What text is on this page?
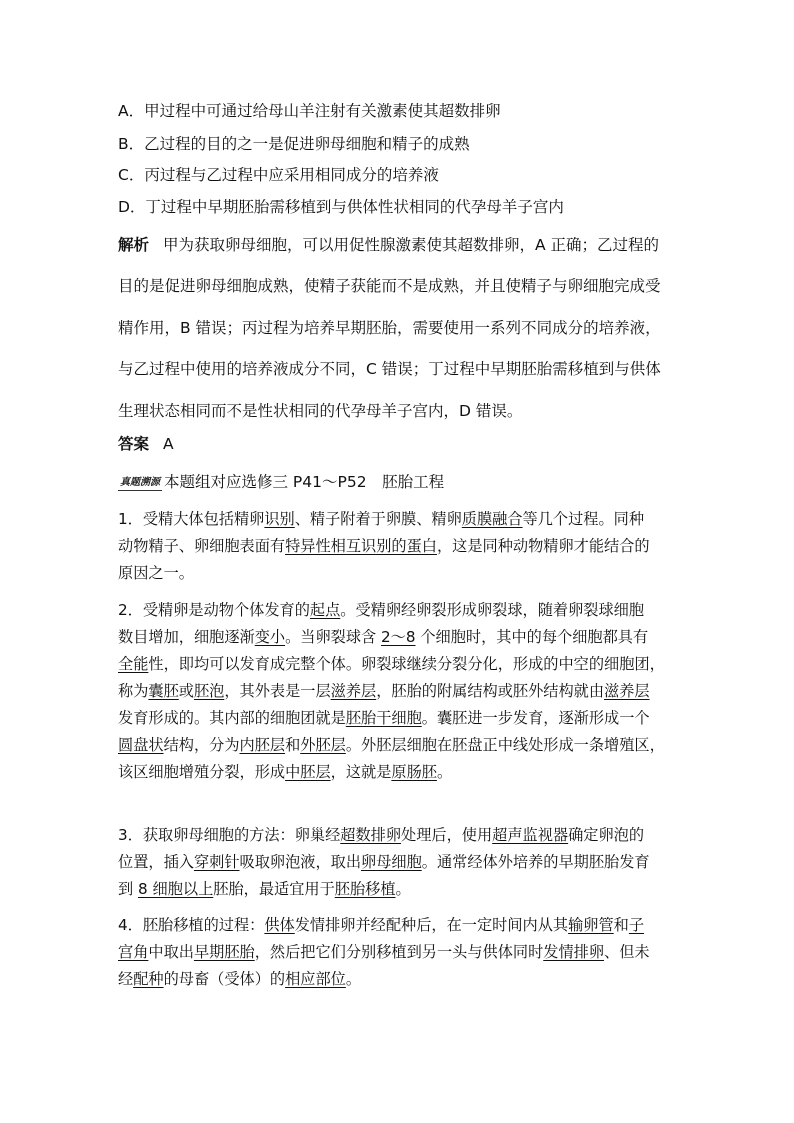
A．甲过程中可通过给母山羊注射有关激素使其超数排卵
B．乙过程的目的之一是促进卵母细胞和精子的成熟
C．丙过程与乙过程中应采用相同成分的培养液
D．丁过程中早期胚胎需移植到与供体性状相同的代孕母羊子宫内
解析 甲为获取卵母细胞，可以用促性腺激素使其超数排卵，A 正确；乙过程的
目的是促进卵母细胞成熟，使精子获能而不是成熟，并且使精子与卵细胞完成受
精作用，B 错误；丙过程为培养早期胚胎，需要使用一系列不同成分的培养液，
与乙过程中使用的培养液成分不同，C 错误；丁过程中早期胚胎需移植到与供体
生理状态相同而不是性状相同的代孕母羊子宫内，D 错误。
答案 A
真题溯源 本题组对应选修三 P41～P52　胚胎工程
1．受精大体包括精卵识别、精子附着于卵膜、精卵质膜融合等几个过程。同种
动物精子、卵细胞表面有特异性相互识别的蛋白，这是同种动物精卵才能结合的
原因之一。
2．受精卵是动物个体发育的起点。受精卵经卵裂形成卵裂球，随着卵裂球细胞
数目增加，细胞逐渐变小。当卵裂球含 2～8 个细胞时，其中的每个细胞都具有
全能性，即均可以发育成完整个体。卵裂球继续分裂分化，形成的中空的细胞团，
称为囊胚或胚泡，其外表是一层滋养层，胚胎的附属结构或胚外结构就由滋养层
发育形成的。其内部的细胞团就是胚胎干细胞。囊胚进一步发育，逐渐形成一个
圆盘状结构，分为内胚层和外胚层。外胚层细胞在胚盘正中线处形成一条增殖区，
该区细胞增殖分裂，形成中胚层，这就是原肠胚。
3．获取卵母细胞的方法：卵巢经超数排卵处理后，使用超声监视器确定卵泡的
位置，插入穿刺针吸取卵泡液，取出卵母细胞。通常经体外培养的早期胚胎发育
到 8 细胞以上胚胎，最适宜用于胚胎移植。
4．胚胎移植的过程：供体发情排卵并经配种后，在一定时间内从其输卵管和子
宫角中取出早期胚胎，然后把它们分别移植到另一头与供体同时发情排卵、但未
经配种的母畜（受体）的相应部位。
